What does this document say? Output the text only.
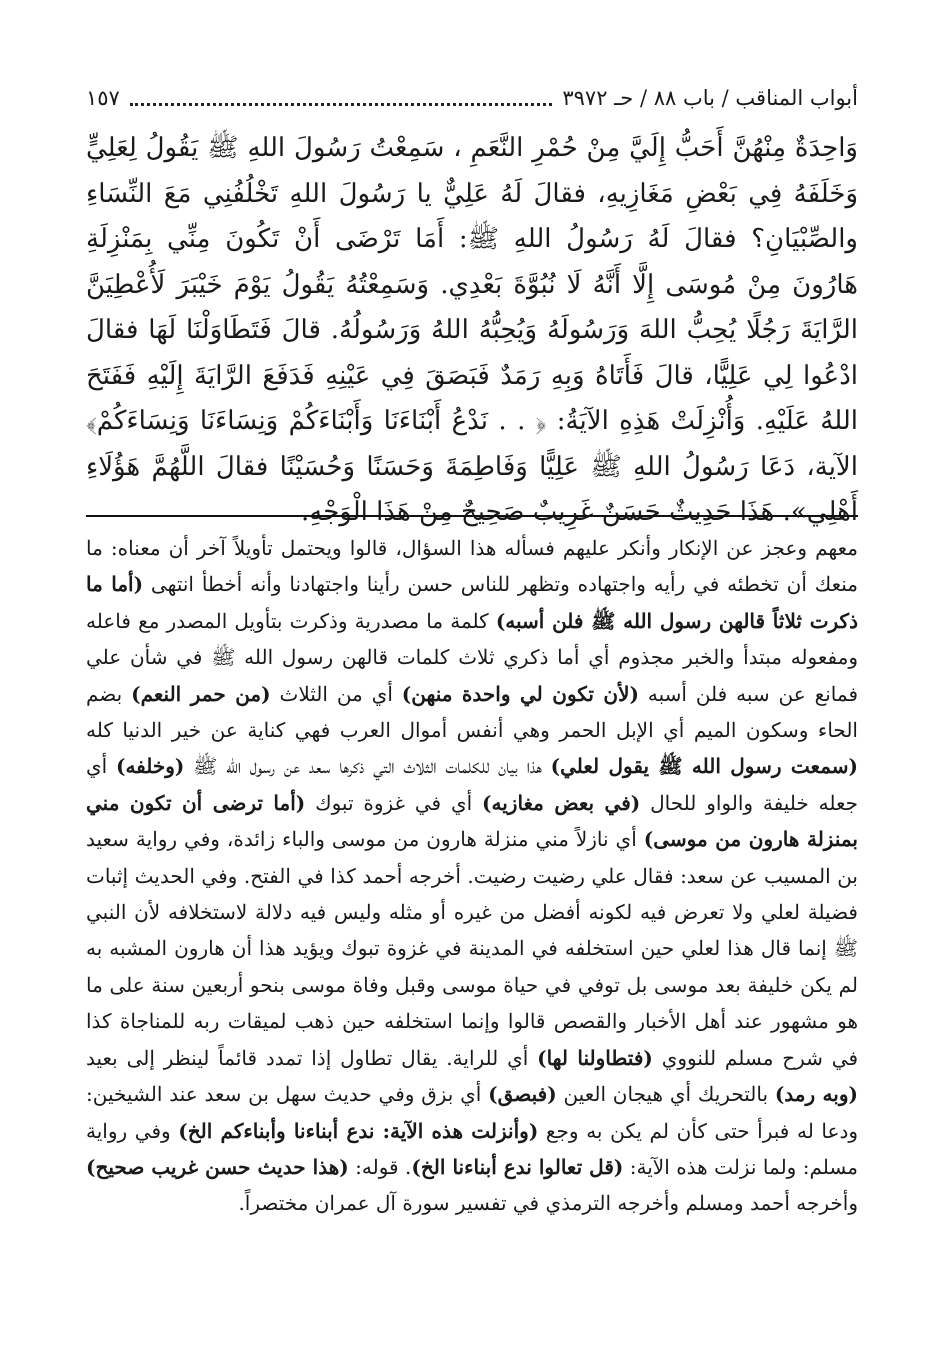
أبواب المناقب / باب ٨٨ / حـ ٣٩٧٢
١٥٧
وَاحِدَةٌ مِنْهُنَّ أَحَبُّ إِلَيَّ مِنْ حُمْرِ النَّعَمِ ، سَمِعْتُ رَسُولَ اللهِ ﷺ يَقُولُ لِعَلِيٍّ وَخَلَفَهُ فِي بَعْضِ مَغَازِيهِ، فقالَ لَهُ عَلِيٌّ يا رَسُولَ اللهِ تَخْلُفُنِي مَعَ النِّسَاءِ والصِّبْيَانِ؟ فقالَ لَهُ رَسُولُ اللهِ ﷺ: أَمَا تَرْضَى أَنْ تَكُونَ مِنِّي بِمَنْزِلَةِ هَارُونَ مِنْ مُوسَى إِلَّا أَنَّهُ لَا نُبُوَّةَ بَعْدِي. وَسَمِعْتُهُ يَقُولُ يَوْمَ خَيْبَرَ لَأُعْطِيَنَّ الرَّايَةَ رَجُلًا يُحِبُّ اللهَ وَرَسُولَهُ وَيُحِبُّهُ اللهُ وَرَسُولُهُ. قالَ فَتَطَاوَلْنَا لَهَا فقالَ ادْعُوا لِي عَلِيًّا، قالَ فَأَتَاهُ وَبِهِ رَمَدٌ فَبَصَقَ فِي عَيْنِهِ فَدَفَعَ الرَّايَةَ إِلَيْهِ فَفَتَحَ اللهُ عَلَيْهِ. وَأُنْزِلَتْ هَذِهِ الآيَةُ: ﴿ . . نَدْعُ أَبْنَاءَنَا وَأَبْنَاءَكُمْ وَنِسَاءَنَا وَنِسَاءَكُمْ﴾ الآية، دَعَا رَسُولُ اللهِ ﷺ عَلِيًّا وَفَاطِمَةَ وَحَسَنًا وَحُسَيْنًا فقالَ اللَّهُمَّ هَؤُلَاءِ أَهْلِي». هَذَا حَدِيثٌ حَسَنٌ غَرِيبٌ صَحِيحٌ مِنْ هَذَا الْوَجْهِ.
معهم وعجز عن الإنكار وأنكر عليهم فسأله هذا السؤال، قالوا ويحتمل تأويلاً آخر أن معناه: ما منعك أن تخطئه في رأيه واجتهاده وتظهر للناس حسن رأينا واجتهادنا وأنه أخطأ انتهى (أما ما ذكرت ثلاثاً قالهن رسول الله ﷺ فلن أسبه) كلمة ما مصدرية وذكرت بتأويل المصدر مع فاعله ومفعوله مبتدأ والخبر مجذوم أي أما ذكري ثلاث كلمات قالهن رسول الله ﷺ في شأن علي فمانع عن سبه فلن أسبه (لأن تكون لي واحدة منهن) أي من الثلاث (من حمر النعم) بضم الحاء وسكون الميم أي الإبل الحمر وهي أنفس أموال العرب فهي كناية عن خير الدنيا كله (سمعت رسول الله ﷺ يقول لعلي) هذا بيان للكلمات الثلاث التي ذكرها سعد عن رسول الله ﷺ (وخلفه) أي جعله خليفة والواو للحال (في بعض مغازيه) أي في غزوة تبوك (أما ترضى أن تكون مني بمنزلة هارون من موسى) أي نازلاً مني منزلة هارون من موسى والباء زائدة، وفي رواية سعيد بن المسيب عن سعد: فقال علي رضيت رضيت. أخرجه أحمد كذا في الفتح. وفي الحديث إثبات فضيلة لعلي ولا تعرض فيه لكونه أفضل من غيره أو مثله وليس فيه دلالة لاستخلافه لأن النبي ﷺ إنما قال هذا لعلي حين استخلفه في المدينة في غزوة تبوك ويؤيد هذا أن هارون المشبه به لم يكن خليفة بعد موسى بل توفي في حياة موسى وقبل وفاة موسى بنحو أربعين سنة على ما هو مشهور عند أهل الأخبار والقصص قالوا وإنما استخلفه حين ذهب لميقات ربه للمناجاة كذا في شرح مسلم للنووي (فتطاولنا لها) أي للراية. يقال تطاول إذا تمدد قائماً لينظر إلى بعيد (وبه رمد) بالتحريك أي هيجان العين (فبصق) أي بزق وفي حديث سهل بن سعد عند الشيخين: ودعا له فبرأ حتى كأن لم يكن به وجع (وأنزلت هذه الآية: ندع أبناءنا وأبناءكم الخ) وفي رواية مسلم: ولما نزلت هذه الآية: (قل تعالوا ندع أبناءنا الخ). قوله: (هذا حديث حسن غريب صحيح) وأخرجه أحمد ومسلم وأخرجه الترمذي في تفسير سورة آل عمران مختصراً.
